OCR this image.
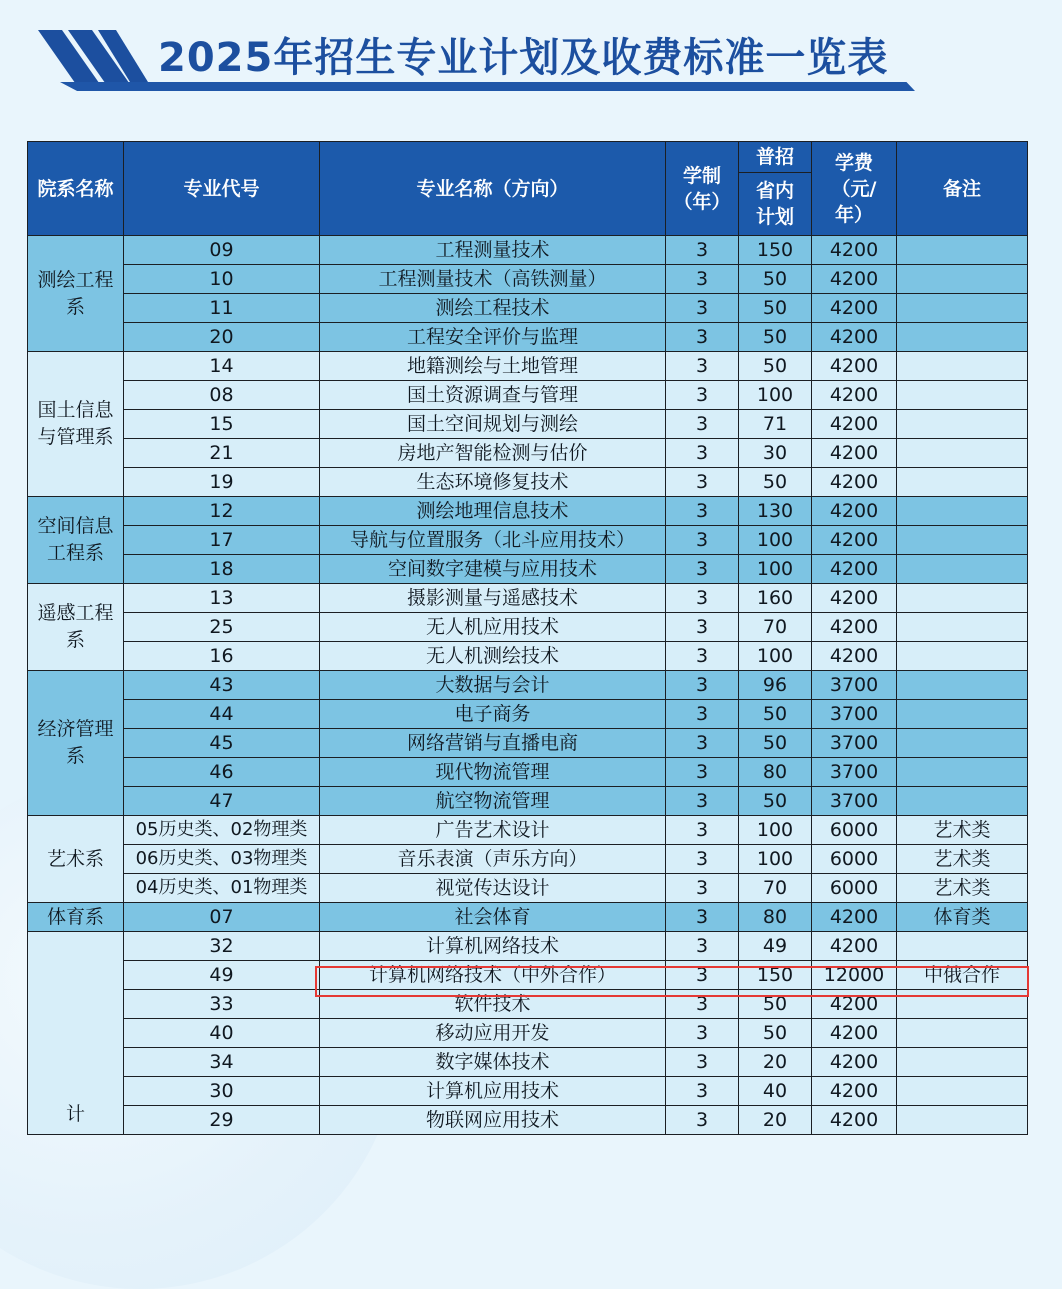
2025年招生专业计划及收费标准一览表
院系名称	专业代号	专业名称（方向）	学制（年）	普招	学费（元/年）	备注
				省内计划		
测绘工程系	09	工程测量技术	3	150	4200	
	10	工程测量技术（高铁测量）	3	50	4200	
	11	测绘工程技术	3	50	4200	
	20	工程安全评价与监理	3	50	4200	
国土信息与管理系	14	地籍测绘与土地管理	3	50	4200	
	08	国土资源调查与管理	3	100	4200	
	15	国土空间规划与测绘	3	71	4200	
	21	房地产智能检测与估价	3	30	4200	
	19	生态环境修复技术	3	50	4200	
空间信息工程系	12	测绘地理信息技术	3	130	4200	
	17	导航与位置服务（北斗应用技术）	3	100	4200	
	18	空间数字建模与应用技术	3	100	4200	
遥感工程系	13	摄影测量与遥感技术	3	160	4200	
	25	无人机应用技术	3	70	4200	
	16	无人机测绘技术	3	100	4200	
经济管理系	43	大数据与会计	3	96	3700	
	44	电子商务	3	50	3700	
	45	网络营销与直播电商	3	50	3700	
	46	现代物流管理	3	80	3700	
	47	航空物流管理	3	50	3700	
艺术系	05历史类、02物理类	广告艺术设计	3	100	6000	艺术类
	06历史类、03物理类	音乐表演（声乐方向）	3	100	6000	艺术类
	04历史类、01物理类	视觉传达设计	3	70	6000	艺术类
体育系	07	社会体育	3	80	4200	体育类
计	32	计算机网络技术	3	49	4200	
	49	计算机网络技术（中外合作）	3	150	12000	中俄合作
	33	软件技术	3	50	4200	
	40	移动应用开发	3	50	4200	
	34	数字媒体技术	3	20	4200	
	30	计算机应用技术	3	40	4200	
	29	物联网应用技术	3	20	4200	
